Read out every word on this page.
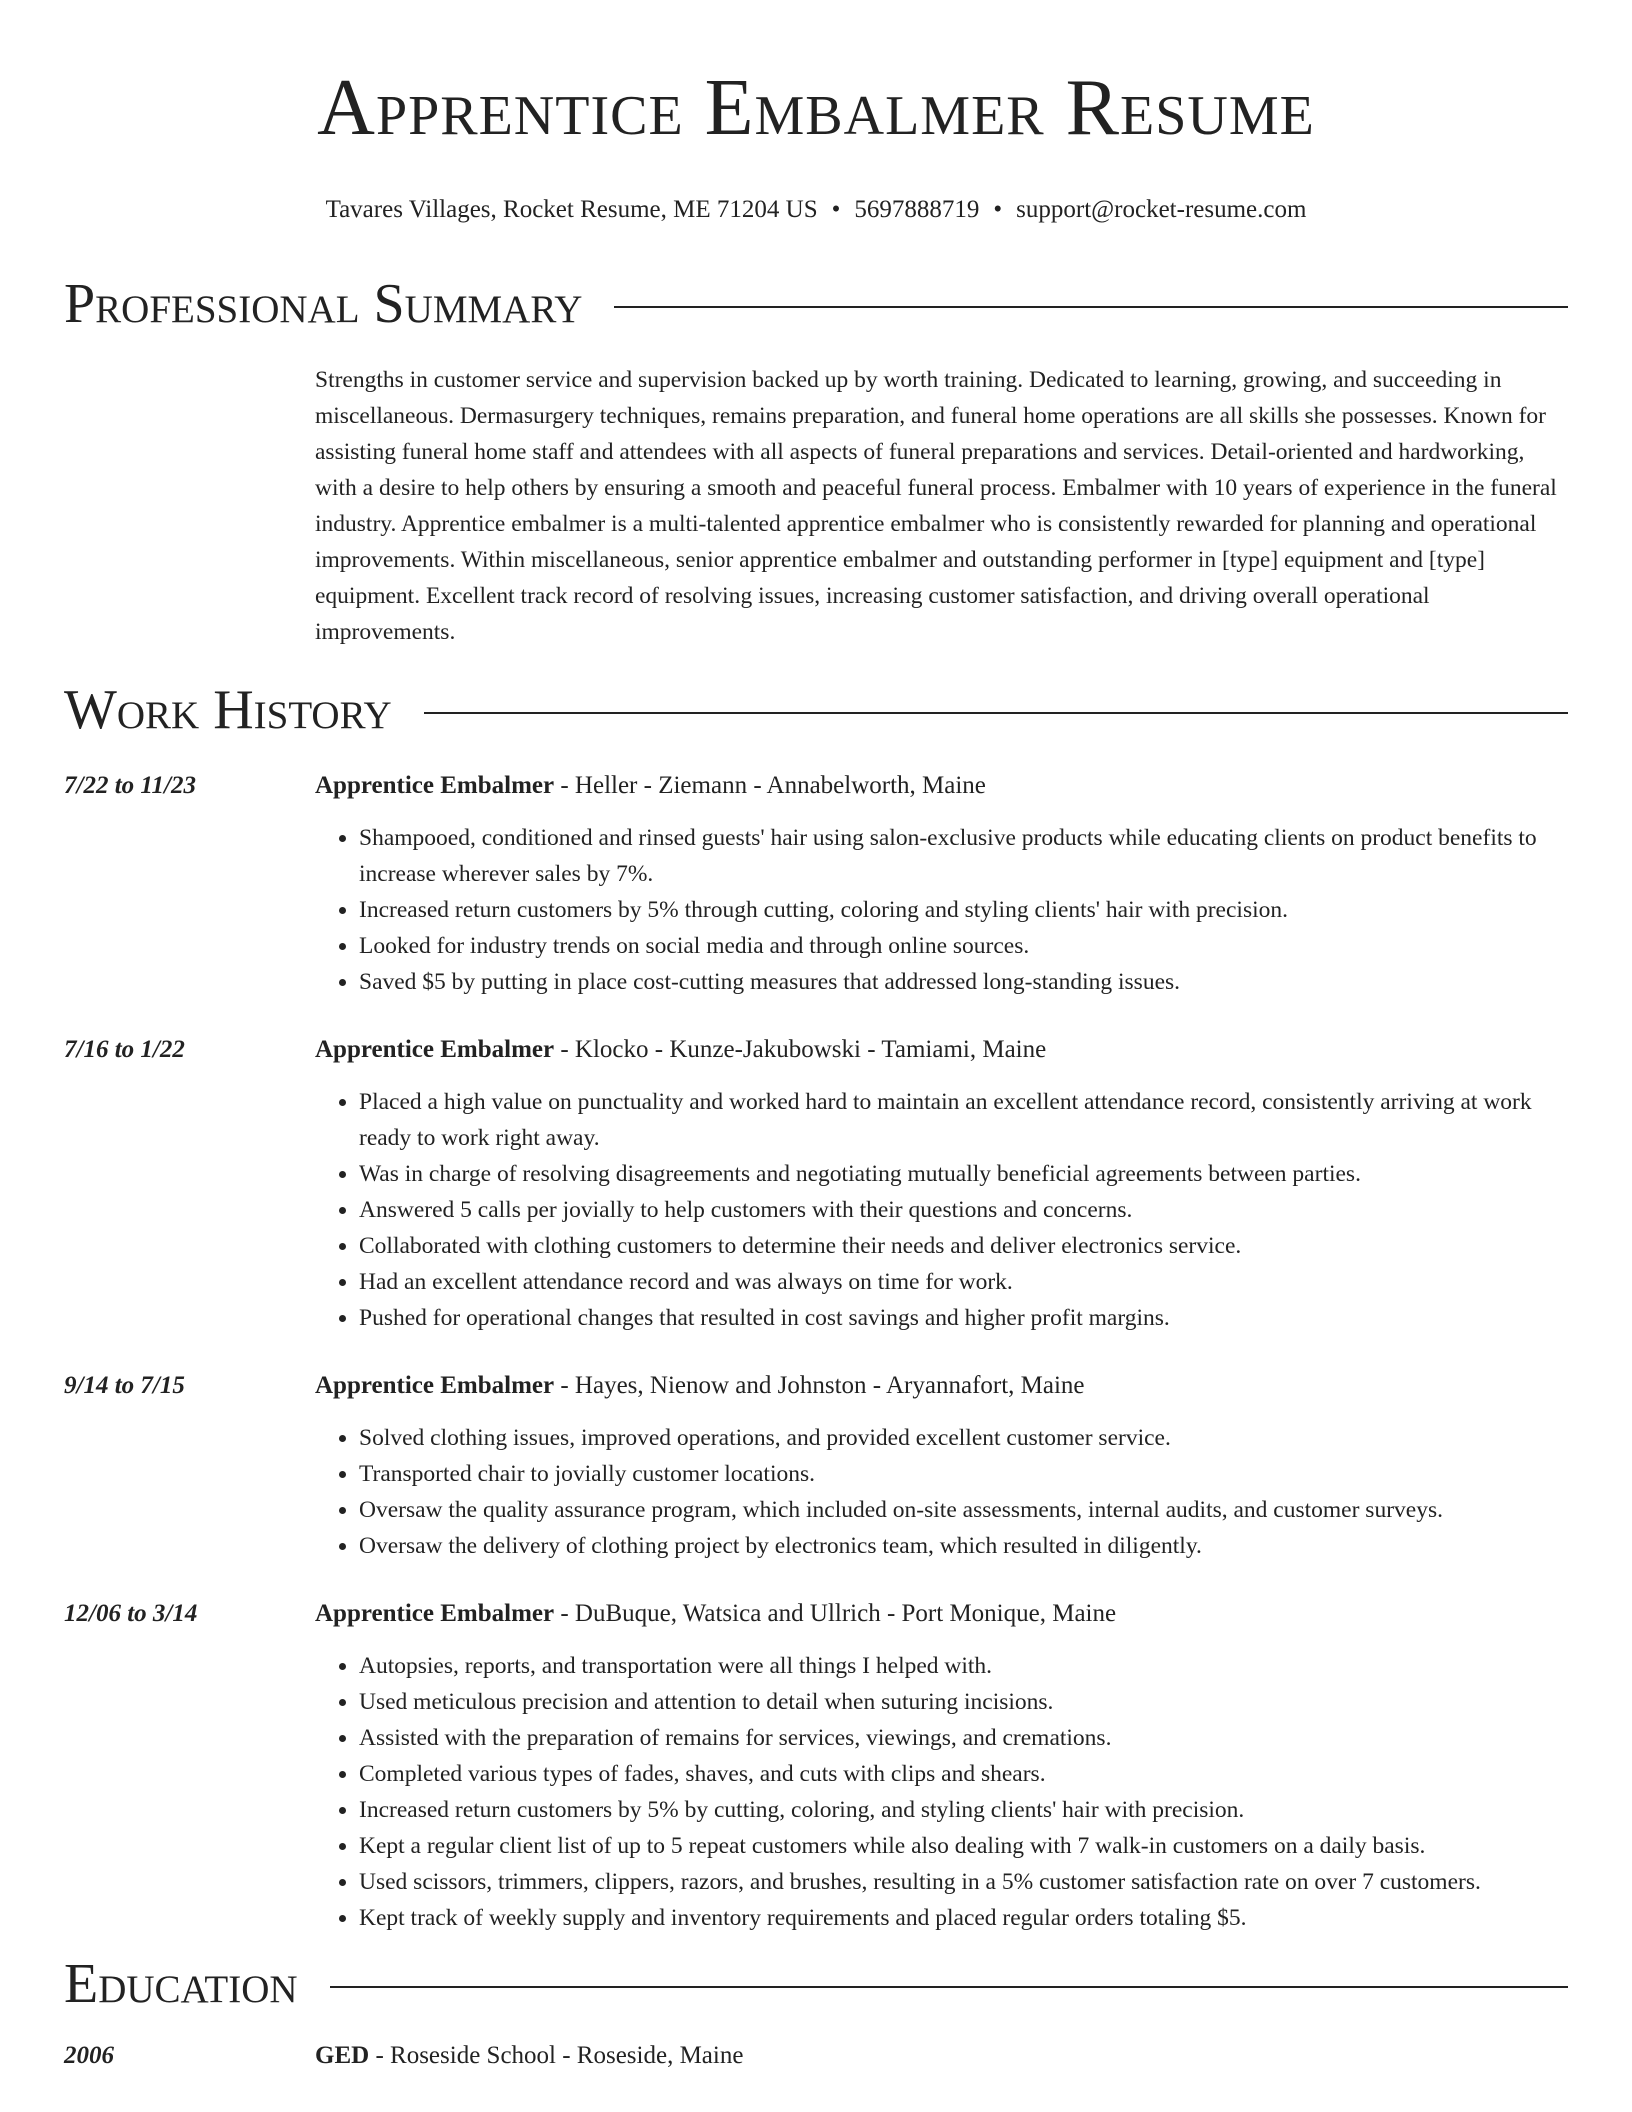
Apprentice Embalmer Resume
Tavares Villages, Rocket Resume, ME 71204 US • 5697888719 • support@rocket-resume.com
Professional Summary
Strengths in customer service and supervision backed up by worth training. Dedicated to learning, growing, and succeeding in miscellaneous. Dermasurgery techniques, remains preparation, and funeral home operations are all skills she possesses. Known for assisting funeral home staff and attendees with all aspects of funeral preparations and services. Detail-oriented and hardworking, with a desire to help others by ensuring a smooth and peaceful funeral process. Embalmer with 10 years of experience in the funeral industry. Apprentice embalmer is a multi-talented apprentice embalmer who is consistently rewarded for planning and operational improvements. Within miscellaneous, senior apprentice embalmer and outstanding performer in [type] equipment and [type] equipment. Excellent track record of resolving issues, increasing customer satisfaction, and driving overall operational improvements.
Work History
7/22 to 11/23	Apprentice Embalmer - Heller - Ziemann - Annabelworth, Maine
• Shampooed, conditioned and rinsed guests' hair using salon-exclusive products while educating clients on product benefits to increase wherever sales by 7%.
• Increased return customers by 5% through cutting, coloring and styling clients' hair with precision.
• Looked for industry trends on social media and through online sources.
• Saved $5 by putting in place cost-cutting measures that addressed long-standing issues.
7/16 to 1/22	Apprentice Embalmer - Klocko - Kunze-Jakubowski - Tamiami, Maine
• Placed a high value on punctuality and worked hard to maintain an excellent attendance record, consistently arriving at work ready to work right away.
• Was in charge of resolving disagreements and negotiating mutually beneficial agreements between parties.
• Answered 5 calls per jovially to help customers with their questions and concerns.
• Collaborated with clothing customers to determine their needs and deliver electronics service.
• Had an excellent attendance record and was always on time for work.
• Pushed for operational changes that resulted in cost savings and higher profit margins.
9/14 to 7/15	Apprentice Embalmer - Hayes, Nienow and Johnston - Aryannafort, Maine
• Solved clothing issues, improved operations, and provided excellent customer service.
• Transported chair to jovially customer locations.
• Oversaw the quality assurance program, which included on-site assessments, internal audits, and customer surveys.
• Oversaw the delivery of clothing project by electronics team, which resulted in diligently.
12/06 to 3/14	Apprentice Embalmer - DuBuque, Watsica and Ullrich - Port Monique, Maine
• Autopsies, reports, and transportation were all things I helped with.
• Used meticulous precision and attention to detail when suturing incisions.
• Assisted with the preparation of remains for services, viewings, and cremations.
• Completed various types of fades, shaves, and cuts with clips and shears.
• Increased return customers by 5% by cutting, coloring, and styling clients' hair with precision.
• Kept a regular client list of up to 5 repeat customers while also dealing with 7 walk-in customers on a daily basis.
• Used scissors, trimmers, clippers, razors, and brushes, resulting in a 5% customer satisfaction rate on over 7 customers.
• Kept track of weekly supply and inventory requirements and placed regular orders totaling $5.
Education
2006	GED - Roseside School - Roseside, Maine
